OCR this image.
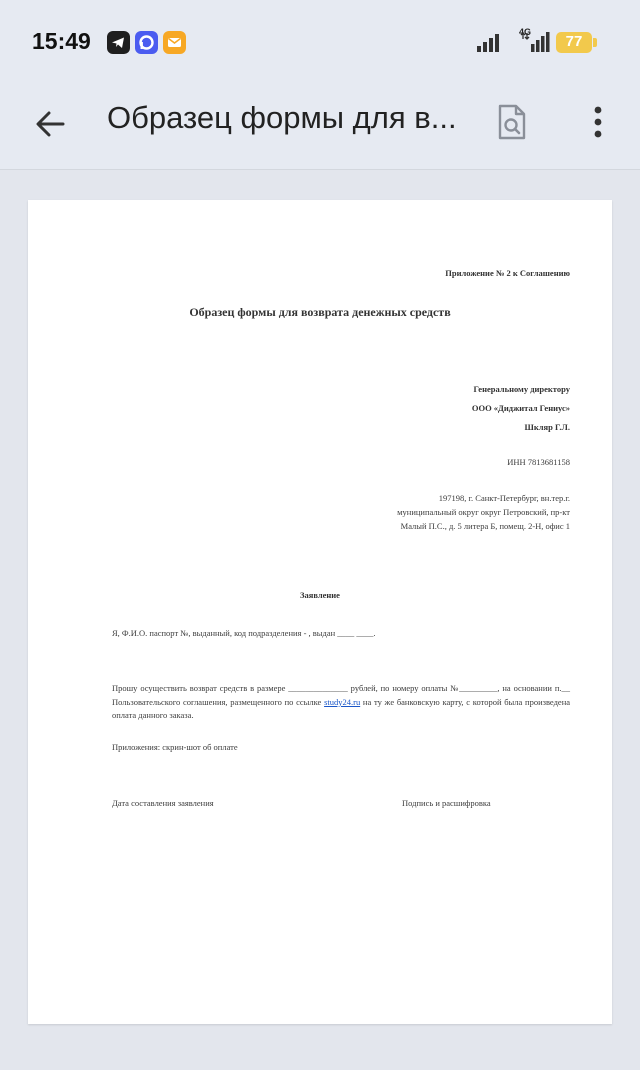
15:49	4G
77
Образец формы для в...
Приложение № 2 к Соглашению
Образец формы для возврата денежных средств
Генеральному директору
ООО «Диджитал Гениус»
Шкляр Г.Л.
ИНН 7813681158
197198, г. Санкт-Петербург, вн.тер.г.
муниципальный округ округ Петровский, пр-кт
Малый П.С., д. 5 литера Б, помещ. 2-Н, офис 1
Заявление
Я, Ф.И.О. паспорт №, выданный, код подразделения - , выдан ____ ____.
Прошу осуществить возврат средств в размере ______________ рублей, по номеру оплаты №_________, на основании п.__ Пользовательского соглашения, размещенного по ссылке study24.ru на ту же банковскую карту, с которой была произведена оплата данного заказа.
Приложения: скрин-шот об оплате
Дата составления заявления	Подпись и расшифровка
